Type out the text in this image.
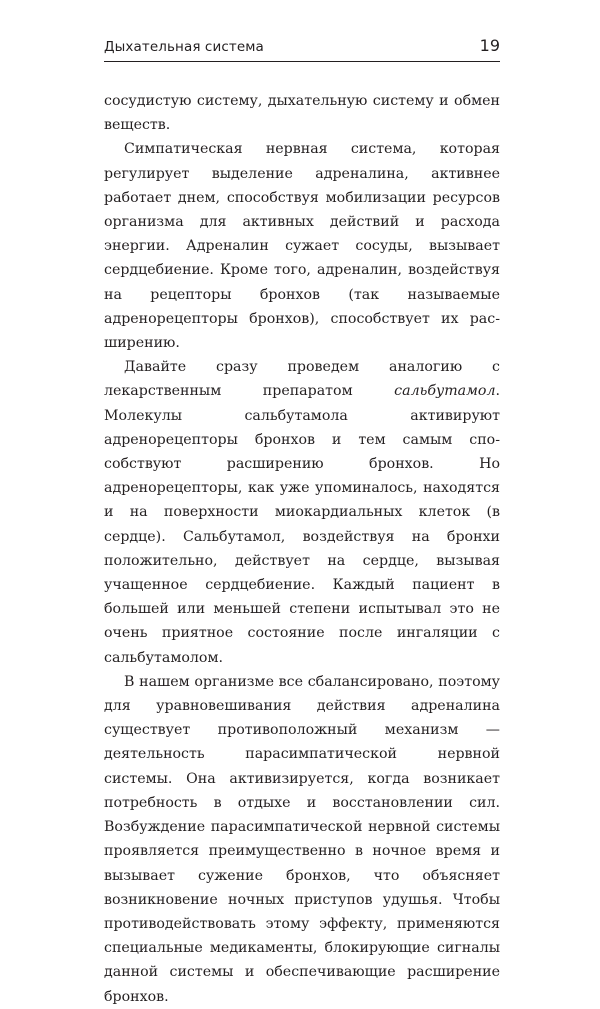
Дыхательная система	19

сосудистую систему, дыхательную систему и обмен веществ.

Симпатическая нервная система, которая регулирует выделение адреналина, активнее работает днем, способствуя мобилизации ресурсов организма для активных действий и расхода энергии. Адреналин сужает сосуды, вызывает сердцебиение. Кроме того, адреналин, воздействуя на рецепторы бронхов (так называемые адренорецепторы бронхов), способствует их расширению.

Давайте сразу проведем аналогию с лекарственным препаратом сальбутамол. Молекулы сальбутамола активируют адренорецепторы бронхов и тем самым способствуют расширению бронхов. Но адренорецепторы, как уже упоминалось, находятся и на поверхности миокардиальных клеток (в сердце). Сальбутамол, воздействуя на бронхи положительно, действует на сердце, вызывая учащенное сердцебиение. Каждый пациент в большей или меньшей степени испытывал это не очень приятное состояние после ингаляции с сальбутамолом.

В нашем организме все сбалансировано, поэтому для уравновешивания действия адреналина существует противоположный механизм — деятельность парасимпатической нервной системы. Она активизируется, когда возникает потребность в отдыхе и восстановлении сил. Возбуждение парасимпатической нервной системы проявляется преимущественно в ночное время и вызывает сужение бронхов, что объясняет возникновение ночных приступов удушья. Чтобы противодействовать этому эффекту, применяются специальные медикаменты, блокирующие сигналы данной системы и обеспечивающие расширение бронхов.
